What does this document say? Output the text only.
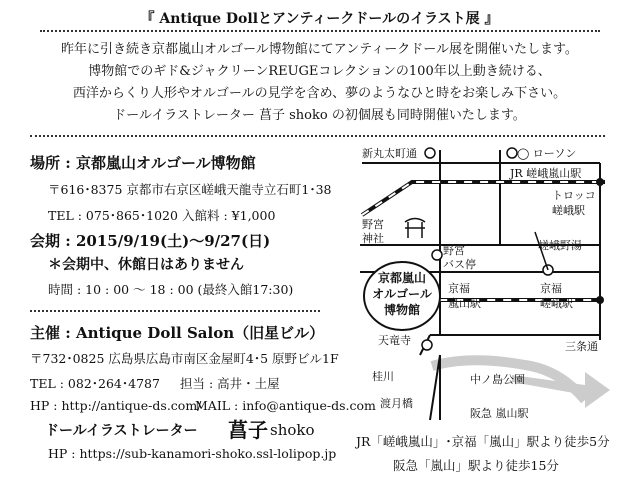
『 Antique Dollとアンティークドールのイラスト展 』
昨年に引き続き京都嵐山オルゴール博物館にてアンティークドール展を開催いたします。
博物館でのギド&ジャクリーンREUGEコレクションの100年以上動き続ける、
西洋からくり人形やオルゴールの見学を含め、夢のようなひと時をお楽しみ下さい。
ドールイラストレーター 菖子 shoko の初個展も同時開催いたします。
場所 : 京都嵐山オルゴール博物館
〒616･8375 京都市右京区嵯峨天龍寺立石町1･38
TEL : 075･865･1020 入館料 : ¥1,000
会期 : 2015/9/19(土)〜9/27(日)
＊会期中、休館日はありません
時間 : 10 : 00 〜 18 : 00 (最終入館17:30)
主催 : Antique Doll Salon（旧星ビル）
〒732･0825 広島県広島市南区金屋町4･5 原野ビル1F
TEL : 082･264･4787 担当 : 高井・土屋
HP : http://antique-ds.com/
MAIL : info@antique-ds.com
ドールイラストレーター 菖子 shoko
HP : https://sub-kanamori-shoko.ssl-lolipop.jp
新丸太町通	◯ ローソン
JR 嵯峨嵐山駅
トロッコ
嵯峨駅
野宮
神社
野宮
バス停
嵯峨野湯
京都嵐山
オルゴール
博物館
京福
嵐山駅
京福
嵯峨駅
天竜寺
桂川
渡月橋
中ノ島公園
三条通
阪急 嵐山駅
JR「嵯峨嵐山」･京福「嵐山」駅より徒歩5分
阪急「嵐山」駅より徒歩15分
